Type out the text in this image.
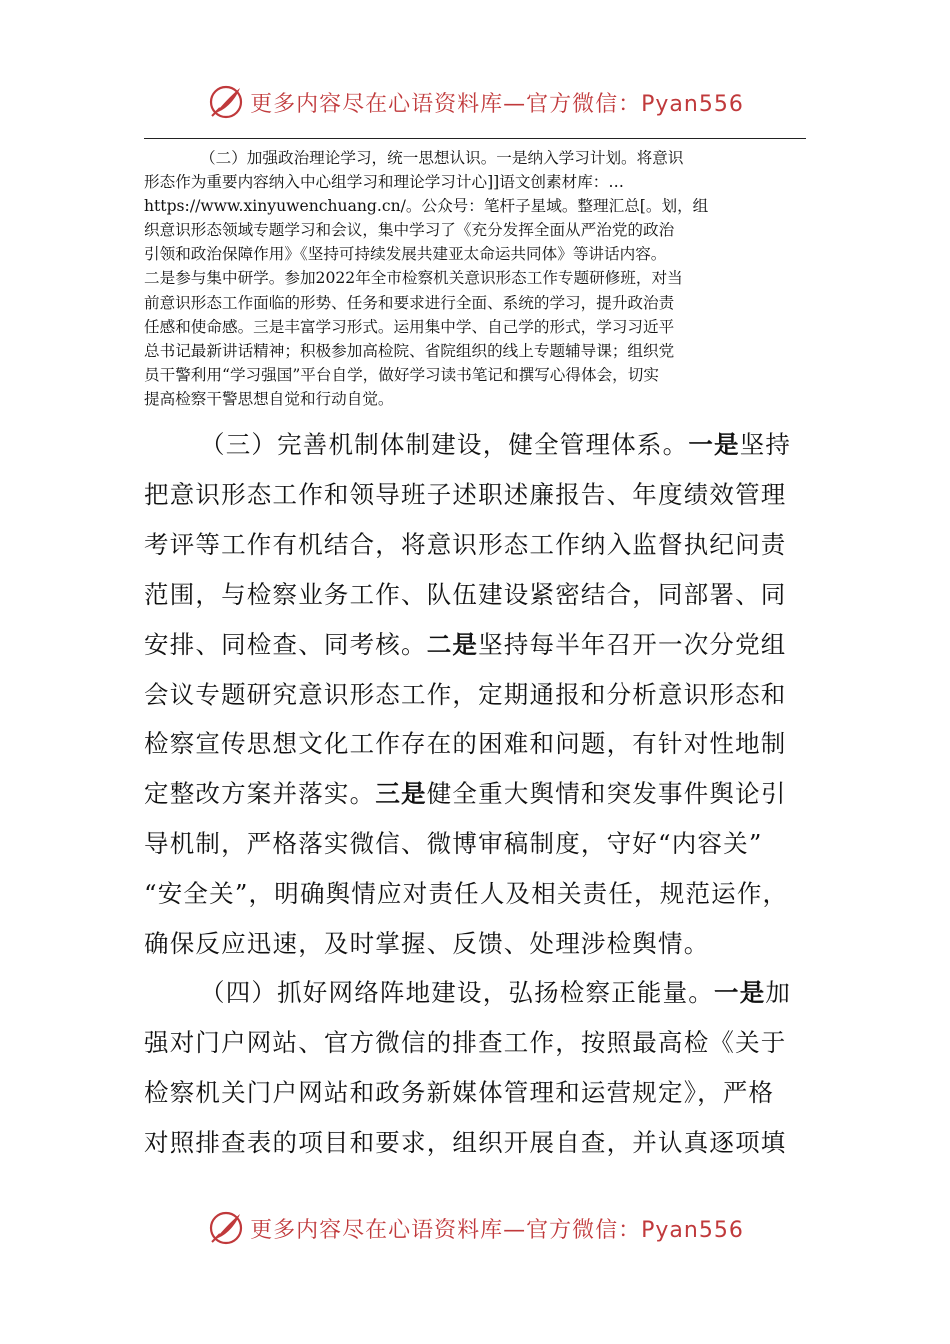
更多内容尽在心语资料库—官方微信：Pyan556
（二）加强政治理论学习，统一思想认识。一是纳入学习计划。将意识
形态作为重要内容纳入中心组学习和理论学习计心]]语文创素材库：…
https://www.xinyuwenchuang.cn/。公众号：笔杆子星域。整理汇总[。划，组
织意识形态领域专题学习和会议，集中学习了《充分发挥全面从严治党的政治
引领和政治保障作用》《坚持可持续发展共建亚太命运共同体》等讲话内容。
二是参与集中研学。参加2022年全市检察机关意识形态工作专题研修班，对当
前意识形态工作面临的形势、任务和要求进行全面、系统的学习，提升政治责
任感和使命感。三是丰富学习形式。运用集中学、自己学的形式，学习习近平
总书记最新讲话精神；积极参加高检院、省院组织的线上专题辅导课；组织党
员干警利用“学习强国”平台自学，做好学习读书笔记和撰写心得体会，切实
提高检察干警思想自觉和行动自觉。
（三）完善机制体制建设，健全管理体系。一是坚持
把意识形态工作和领导班子述职述廉报告、年度绩效管理
考评等工作有机结合，将意识形态工作纳入监督执纪问责
范围，与检察业务工作、队伍建设紧密结合，同部署、同
安排、同检查、同考核。二是坚持每半年召开一次分党组
会议专题研究意识形态工作，定期通报和分析意识形态和
检察宣传思想文化工作存在的困难和问题，有针对性地制
定整改方案并落实。三是健全重大舆情和突发事件舆论引
导机制，严格落实微信、微博审稿制度，守好“内容关”
“安全关”，明确舆情应对责任人及相关责任，规范运作，
确保反应迅速，及时掌握、反馈、处理涉检舆情。
（四）抓好网络阵地建设，弘扬检察正能量。一是加
强对门户网站、官方微信的排查工作，按照最高检《关于
检察机关门户网站和政务新媒体管理和运营规定》，严格
对照排查表的项目和要求，组织开展自查，并认真逐项填
更多内容尽在心语资料库—官方微信：Pyan556
